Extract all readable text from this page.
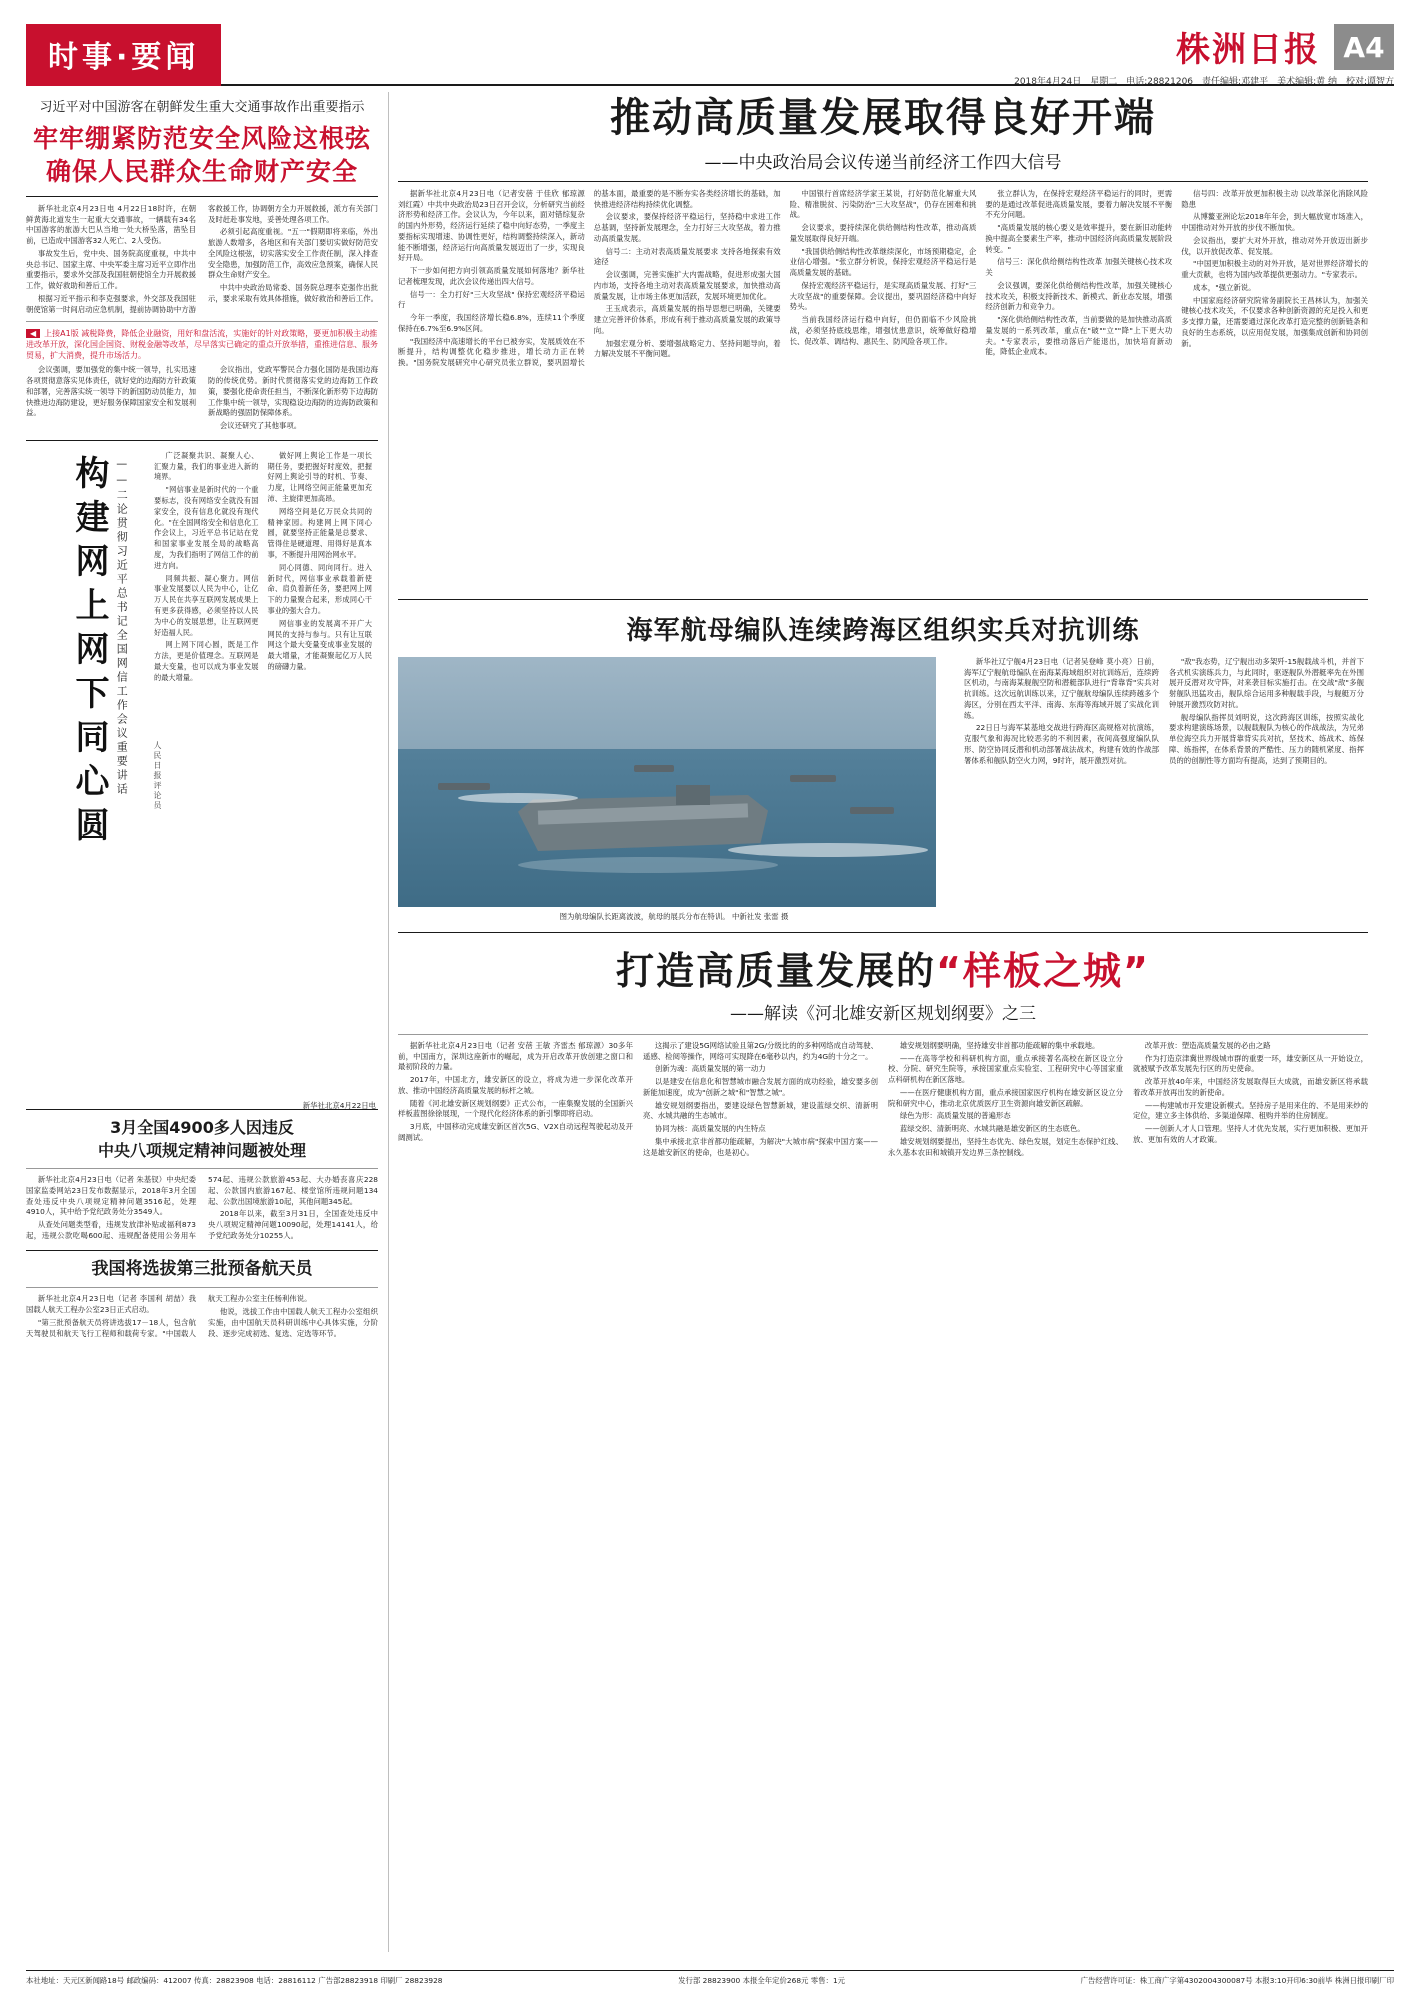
时事·要闻	株洲日报 A4
2018年4月24日　星期二　电话:28821206　责任编辑:邓建平　美术编辑:黄 纳　校对:谭智方
习近平对中国游客在朝鲜发生重大交通事故作出重要指示
牢牢绷紧防范安全风险这根弦
确保人民群众生命财产安全

新华社北京4月23日电 4月22日18时许，在朝鲜黄海北道发生一起重大交通事故，一辆载有34名中国游客的旅游大巴从当地一处大桥坠落，凿坠目前，已造成中国游客32人死亡、2人受伤。

事故发生后，党中央、国务院高度重视，中共中央总书记、国家主席、中央军委主席习近平立即作出重要指示，要求外交部及我国驻朝使馆全力开展救援工作，做好救助和善后工作。

根据习近平指示和李克强要求，外交部及我国驻朝使馆第一时间启动应急机制，提前协调协助中方游客救援工作，协调朝方全力开展救援，派方有关部门及时赶赴事发地，妥善处理各项工作。

必须引起高度重视。"五一"假期即将来临，外出旅游人数增多，各地区和有关部门要切实做好防范安全风险这根弦，切实落实安全工作责任制，深入排查安全隐患，加强防范工作，高效应急预案，确保人民群众生命财产安全。

中共中央政治局常委、国务院总理李克强作出批示，要求采取有效具体措施，做好救治和善后工作。

◀ 上接A1版 减税降费，降低企业融资，用好和盘活流，实施好的针对政策略，要更加积极主动推进改革开放，深化国企国资、财税金融等改革，尽早落实已确定的重点开放举措，重推进信息、服务贸易，扩大消费，提升市场活力。

会议强调，要加强党的集中统一领导，扎实迅速各项贯彻意落实见体责任，就好党的边海防方针政策和部署，完善落实统一领导下的新国防动员能力，加快推进边海防建设，更好服务保障国家安全和发展利益。

会议指出，党政军警民合力强化国防是我国边海防的传统优势。新时代贯彻落实党的边海防工作政策，要强化使命责任担当，不断深化新形势下边海防工作集中统一领导，实现稳设边海防的边海防政策和新战略的强固防保障体系。

会议还研究了其他事项。

构建网上网下同心圆 ——二论贯彻习近平总书记全国网信工作会议重要讲话	人民日报评论员

广泛凝聚共识、凝聚人心、汇聚力量，我们的事业进入新的境界。

"网信事业是新时代的一个重要标志，没有网络安全就没有国家安全，没有信息化就没有现代化。"在全国网络安全和信息化工作会议上，习近平总书记站在党和国家事业发展全局的战略高度，为我们指明了网信工作的前进方向。

同频共振、凝心聚力。网信事业发展要以人民为中心，让亿万人民在共享互联网发展成果上有更多获得感，必须坚持以人民为中心的发展思想，让互联网更好造福人民。

网上网下同心圆，既是工作方法，更是价值理念。互联网是最大变量，也可以成为事业发展的最大增量。

做好网上舆论工作是一项长期任务，要把握好时度效，把握好网上舆论引导的时机、节奏、力度，让网络空间正能量更加充沛、主旋律更加高昂。

网络空间是亿万民众共同的精神家园。构建网上网下同心圆，就要坚持正能量是总要求、管得住是硬道理、用得好是真本事，不断提升用网治网水平。

同心同德、同向同行。进入新时代，网信事业承载着新使命、肩负着新任务，要把网上网下的力量聚合起来，形成同心干事业的强大合力。

网信事业的发展离不开广大网民的支持与参与。只有让互联网这个最大变量变成事业发展的最大增量，才能凝聚起亿万人民的磅礴力量。

新华社北京4月22日电
3月全国4900多人因违反
中央八项规定精神问题被处理

新华社北京4月23日电（记者 朱基钗）中央纪委国家监委网站23日发布数据显示，2018年3月全国查处违反中央八项规定精神问题3516起，处理4910人，其中给予党纪政务处分3549人。

从查处问题类型看，违规发放津补贴或福利873起，违规公款吃喝600起、违规配备使用公务用车574起、违规公款旅游453起、大办婚丧喜庆228起、公款国内旅游167起、楼堂馆所违规问题134起、公款出国境旅游10起，其他问题345起。

2018年以来，截至3月31日，全国查处违反中央八项规定精神问题10090起，处理14141人，给予党纪政务处分10255人。

我国将选拔第三批预备航天员

新华社北京4月23日电（记者 李国利 胡喆）我国载人航天工程办公室23日正式启动。

"第三批预备航天员将讲选拔17－18人，包含航天驾驶员和航天飞行工程师和载荷专家。"中国载人航天工程办公室主任杨利伟说。

他说，选拔工作由中国载人航天工程办公室组织实施，由中国航天员科研训练中心具体实施，分阶段、逐步完成初选、复选、定选等环节。

推动高质量发展取得良好开端
——中央政治局会议传递当前经济工作四大信号

据新华社北京4月23日电（记者安蓓 于佳欣 郁琼源 刘红霞）中共中央政治局23日召开会议，分析研究当前经济形势和经济工作。会议认为，今年以来，面对错综复杂的国内外形势，经济运行延续了稳中向好态势，一季度主要指标实现增速、协调性更好，结构调整持续深入，新动能不断增强，经济运行向高质量发展迈出了一步，实现良好开局。

下一步如何把方向引领高质量发展如何落地？新华社记者梳理发现，此次会议传递出四大信号。

信号一：全力打好"三大攻坚战" 保持宏观经济平稳运行

今年一季度，我国经济增长稳6.8%，连续11个季度保持在6.7%至6.9%区间。

"我国经济中高速增长的平台已被夯实，发展质效在不断提升，结构调整优化稳步推进，增长动力正在转换。"国务院发展研究中心研究员张立群说，要巩固增长的基本面，最重要的是不断夯实各类经济增长的基础，加快推进经济结构持续优化调整。

会议要求，要保持经济平稳运行，坚持稳中求进工作总基调，坚持新发展理念，全力打好三大攻坚战，着力推动高质量发展。

信号二：主动对表高质量发展要求 支持各地探索有效途径

会议强调，完善实施扩大内需战略，促进形成强大国内市场，支持各地主动对表高质量发展要求，加快推动高质量发展，让市场主体更加活跃，发展环境更加优化。

王玉成表示，高质量发展的指导思想已明确，关键要建立完善评价体系，形成有利于推动高质量发展的政策导向。

加强宏观分析、要增强战略定力、坚持问题导向，着力解决发展不平衡问题。

中国银行首席经济学家王某说，打好防范化解重大风险、精准脱贫、污染防治"三大攻坚战"，仍存在困难和挑战。

会议要求，要持续深化供给侧结构性改革，推动高质量发展取得良好开端。

"我国供给侧结构性改革继续深化，市场预期稳定，企业信心增强。"张立群分析说，保持宏观经济平稳运行是高质量发展的基础。

保持宏观经济平稳运行，是实现高质量发展、打好"三大攻坚战"的重要保障。会议提出，要巩固经济稳中向好势头。

当前我国经济运行稳中向好，但仍面临不少风险挑战，必须坚持底线思维，增强忧患意识，统筹做好稳增长、促改革、调结构、惠民生、防风险各项工作。

张立群认为，在保持宏观经济平稳运行的同时，更需要的是通过改革促进高质量发展，要着力解决发展不平衡不充分问题。

"高质量发展的核心要义是效率提升，要在新旧动能转换中提高全要素生产率，推动中国经济向高质量发展阶段转变。"

信号三：深化供给侧结构性改革 加强关键核心技术攻关

会议强调，要深化供给侧结构性改革，加强关键核心技术攻关，积极支持新技术、新模式、新业态发展，增强经济创新力和竞争力。

"深化供给侧结构性改革，当前要做的是加快推动高质量发展的一系列改革，重点在"破""立""降"上下更大功夫。"专家表示，要推动落后产能退出，加快培育新动能，降低企业成本。

信号四：改革开放更加积极主动 以改革深化消除风险隐患

从博鳌亚洲论坛2018年年会，到大幅放宽市场准入，中国推动对外开放的步伐不断加快。

会议指出，要扩大对外开放，推动对外开放迈出新步伐，以开放促改革、促发展。

"中国更加积极主动的对外开放，是对世界经济增长的重大贡献，也将为国内改革提供更强动力。"专家表示。

成本，"强立新说。

中国家庭经济研究院常务副院长王昌林认为，加强关键核心技术攻关，不仅要求各种创新资源的充足投入和更多支撑力量，还需要通过深化改革打造完整的创新链条和良好的生态系统，以应用促发展，加强集成创新和协同创新。

海军航母编队连续跨海区组织实兵对抗训练
图为航母编队长距离波波，航母的展兵分布在特训。 中新社发 张雷 摄

新华社辽宁舰4月23日电（记者吴登峰 莫小亮）日前，海军辽宁舰航母编队在南海某海域组织对抗训练后，连续跨区机动，与南海某舰舰空防和潜艇部队进行"背靠背"实兵对抗训练。这次远航训练以来，辽宁舰航母编队连续跨越多个海区，分别在西太平洋、南海、东海等海域开展了实战化训练。

22日日与海军某基地交战进行跨海区高规格对抗演练，克服气象和海况比较恶劣的不利因素，夜间高强度编队队形、防空协同反潜和机动部署战法战术，构建有效的作战部署体系和舰队防空火力网，9时许，展开激烈对抗。

"敌"我态势，辽宁舰出动多架歼-15舰载战斗机，并首下各式机实演练兵力，与此同时，驱逐舰队外潜艇率先在外围展开反潜对攻守阵，对来袭目标实施打击。在交战"敌"多舰射舰队迅猛攻击，舰队综合运用多种舰载手段，与舰艇万分钟展开激烈攻防对抗。

舰母编队指挥员刘明说，这次跨海区训练，按照实战化要求构建演练场景，以舰载舰队为核心的作战战法，为兄弟单位海空兵力开展背靠背实兵对抗，坚技术、练战术、练保障、练指挥，在体系背景的严酷性、压力的随机紧度、指挥员的的创制性等方面均有提高，达到了预期目的。

打造高质量发展的“样板之城”
——解读《河北雄安新区规划纲要》之三

据新华社北京4月23日电（记者 安蓓 王敏 齐雷杰 郁琼源）30多年前，中国南方，深圳这座新市的崛起，成为开启改革开放创建之窗口和最初阶段的力量。

2017年，中国北方，雄安新区的设立，将成为进一步深化改革开放、推动中国经济高质量发展的标杆之城。

随着《河北雄安新区规划纲要》正式公布，一座集聚发展的全国新兴样板蓝图徐徐展现，一个现代化经济体系的新引擎即将启动。

3月底，中国移动完成雄安新区首次5G、V2X自动远程驾驶起动及开阔测试。

这揭示了建设5G网络试验且第2G/分级比的的多种网络成自动驾驶、遥感、检阅等操作，网络可实现降在6毫秒以内，约为4G的十分之一。

创新为魂：高质量发展的第一动力

以是建安在信息化和智慧城市融合发展方面的成功经验，雄安要多创新能加速度，成为"创新之城"和"智慧之城"。

雄安规划纲要指出，要建设绿色智慧新城，建设蓝绿交织、清新明亮、水城共融的生态城市。

协同为核：高质量发展的内生特点

集中承接北京非首都功能疏解，为解决"大城市病"探索中国方案——这是雄安新区的使命，也是初心。

雄安规划纲要明确，坚持雄安非首都功能疏解的集中承载地。

——在高等学校和科研机构方面，重点承接著名高校在新区设立分校、分院、研究生院等，承接国家重点实验室、工程研究中心等国家重点科研机构在新区落地。

——在医疗健康机构方面，重点承接国家医疗机构在雄安新区设立分院和研究中心，推动北京优质医疗卫生资源向雄安新区疏解。

绿色为形：高质量发展的普遍形态

蓝绿交织、清新明亮、水城共融是雄安新区的生态底色。

雄安规划纲要提出，坚持生态优先、绿色发展，划定生态保护红线、永久基本农田和城镇开发边界三条控制线。

改革开放：塑造高质量发展的必由之路

作为打造京津冀世界级城市群的重要一环，雄安新区从一开始设立，就被赋予改革发展先行区的历史使命。

改革开放40年来，中国经济发展取得巨大成就，而雄安新区将承载着改革开放再出发的新使命。

——构建城市开发建设新模式。坚持房子是用来住的、不是用来炒的定位，建立多主体供给、多渠道保障、租购并举的住房制度。

——创新人才人口管理。坚持人才优先发展，实行更加积极、更加开放、更加有效的人才政策。

本社地址：天元区新闻路18号 邮政编码：412007 传真：28823908 电话：28816112 广告部28823918 印刷厂 28823928	发行部 28823900 本报全年定价268元 零售：1元	广告经营许可证：株工商广字第4302004300087号 本报3:10开印6:30前毕 株洲日报印刷厂印
